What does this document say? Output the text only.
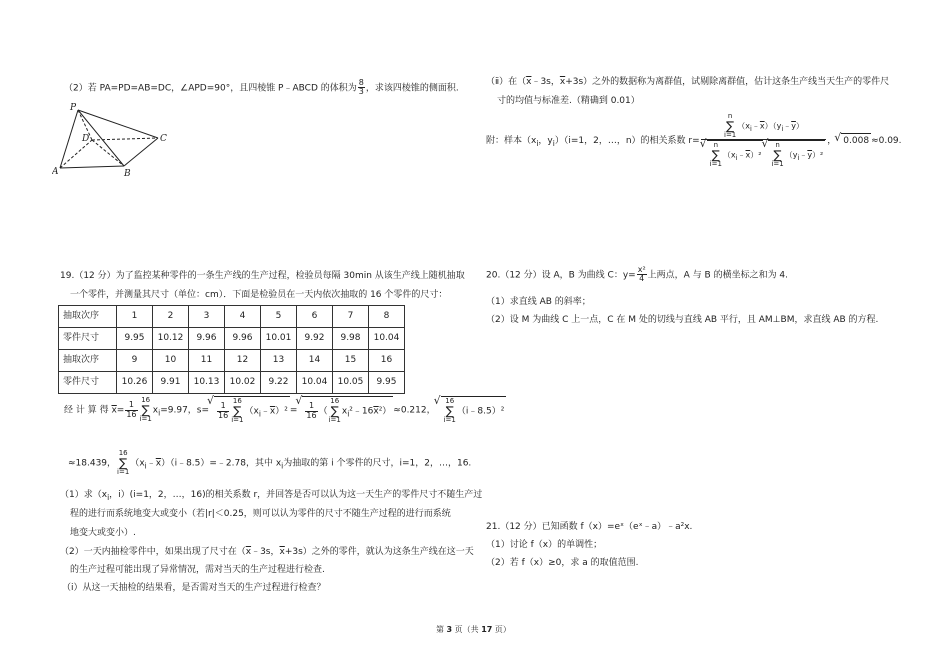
（2）若 PA=PD=AB=DC，∠APD=90°，且四棱锥 P﹣ABCD 的体积为 $\frac{8}{3}$ ，求该四棱锥的侧面积.
P
D	C
A	B
19.（12 分）为了监控某种零件的一条生产线的生产过程，检验员每隔 30min 从该生产线上随机抽取
一个零件，并测量其尺寸（单位：cm）．下面是检验员在一天内依次抽取的 16 个零件的尺寸：
抽取次序	1	2	3	4	5	6	7	8
零件尺寸	9.95	10.12	9.96	9.96	10.01	9.92	9.98	10.04
抽取次序	9	10	11	12	13	14	15	16
零件尺寸	10.26	9.91	10.13	10.02	9.22	10.04	10.05	9.95
经 计 算 得 $\overline{x}= \frac{1}{16}$
16
∑
$i=1x_i=9.97$，s= √ $\frac{1}{16}$
16
∑
$i=1(x_i﹣\overline{x})^2$ = √ $\frac{1}{16} (16$
∑
$i=1x_i^2﹣16\overline{x}^2) \approx 0.212$，√ 16
∑
i=1（i﹣8.5）²
≈18.439，16
∑
$i=1(x_i﹣\overline{x})(i﹣8.5)=﹣2.78$，其中 $x_i$为抽取的第 i 个零件的尺寸，i=1，2，…，16.
（1）求（$x_i$，i）(i=1，2，…，16)的相关系数 r，并回答是否可以认为这一天生产的零件尺寸不随生产过
程的进行而系统地变大或变小（若|r|＜0.25，则可以认为零件的尺寸不随生产过程的进行而系统
地变大或变小）.
（2）一天内抽检零件中，如果出现了尺寸在（$\overline{x}﹣3s$，$\overline{x}+3s$）之外的零件，就认为这条生产线在这一天
的生产过程可能出现了异常情况，需对当天的生产过程进行检查.
（ⅰ）从这一天抽检的结果看，是否需对当天的生产过程进行检查？
（ⅱ）在（$\overline{x}﹣3s$，$\overline{x}+3s$）之外的数据称为离群值，试剔除离群值，估计这条生产线当天生产的零件尺
寸的均值与标准差.（精确到 0.01）
附：样本（$x_i$，$y_i)(i=1$，2，…，n）的相关系数 r= n
∑
$i=1(x_i﹣\overline{x})(y_i﹣\overline{y})$
√ n
∑
$i=1(x_i﹣\overline{x})^2√$ n
∑
$i=1(y_i﹣\overline{y})^2$ ， √ 0.008 ≈0.09.
20.（12 分）设 A，B 为曲线 C：$y= \frac{\text{x²}}{4}$ 上两点，A 与 B 的横坐标之和为 4.
（1）求直线 AB 的斜率；
（2）设 M 为曲线 C 上一点，C 在 M 处的切线与直线 AB 平行，且 AM⊥BM，求直线 AB 的方程.
21.（12 分）已知函数 f（x）=eˣ（eˣ﹣a）﹣a²x.
（1）讨论 f（x）的单调性；
（2）若 f（x）≥0，求 a 的取值范围.
第 3 页（共 17 页）
